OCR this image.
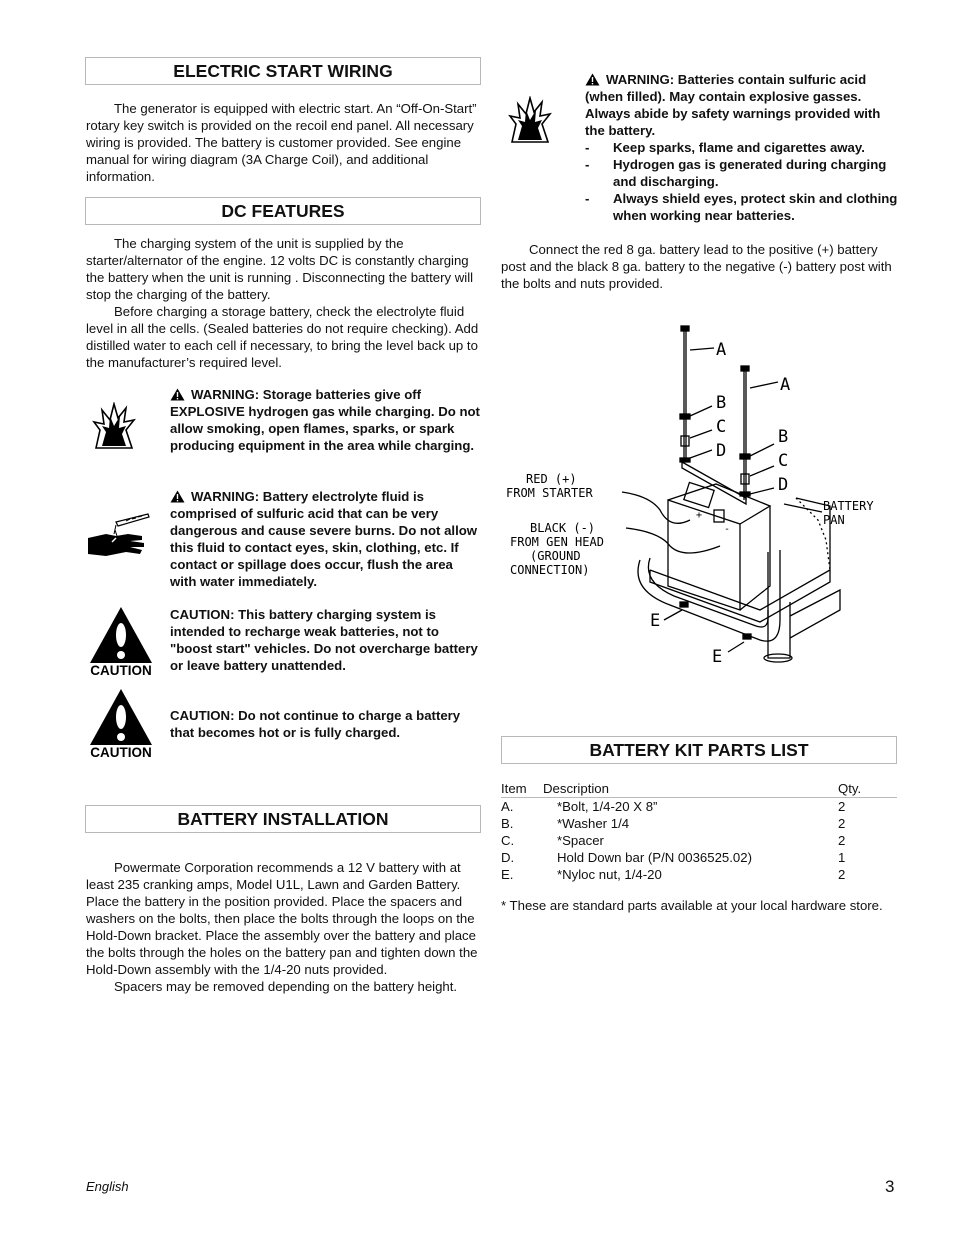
ELECTRIC START WIRING

The generator is equipped with electric start. An “Off-On-Start” rotary key switch is provided on the recoil end panel. All necessary wiring is provided. The battery is customer provided. See engine manual for wiring diagram (3A Charge Coil), and additional information.

DC FEATURES

The charging system of the unit is supplied by the starter/alternator of the engine. 12 volts DC is constantly charging the battery when the unit is running . Disconnecting the battery will stop the charging of the battery.

Before charging a storage battery, check the electrolyte fluid level in all the cells. (Sealed batteries do not require checking). Add distilled water to each cell if necessary, to bring the level back up to the manufacturer’s required level.

WARNING: Storage batteries give off EXPLOSIVE hydrogen gas while charging. Do not allow smoking, open flames, sparks, or spark producing equipment in the area while charging.
WARNING: Battery electrolyte fluid is comprised of sulfuric acid that can be very dangerous and cause severe burns. Do not allow this fluid to contact eyes, skin, clothing, etc. If contact or spillage does occur, flush the area with water immediately.
CAUTION
CAUTION: This battery charging system is intended to recharge weak batteries, not to "boost start" vehicles. Do not overcharge battery or leave battery unattended.
CAUTION
CAUTION: Do not continue to charge a battery that becomes hot or is fully charged.
BATTERY INSTALLATION

Powermate Corporation recommends a 12 V battery with at least 235 cranking amps, Model U1L, Lawn and Garden Battery. Place the battery in the position provided. Place the spacers and washers on the bolts, then place the bolts through the loops on the Hold-Down bracket. Place the assembly over the battery and place the bolts through the holes on the battery pan and tighten down the Hold-Down assembly with the 1/4-20 nuts provided.

Spacers may be removed depending on the battery height.

WARNING: Batteries contain sulfuric acid (when filled). May contain explosive gasses. Always abide by safety warnings provided with the battery.
-	Keep sparks, flame and cigarettes away.
-	Hydrogen gas is generated during charging and discharging.
-	Always shield eyes, protect skin and clothing when working near batteries.

Connect the red 8 ga. battery lead to the positive (+) battery post and the black 8 ga. battery to the negative (-) battery post with the bolts and nuts provided.

+
-
A
B
C
D
A
B
C
D
E
E
RED (+)
FROM STARTER
BLACK (-)
FROM GEN HEAD
(GROUND
CONNECTION)
BATTERY
PAN
BATTERY KIT PARTS LIST
Item	Description	Qty.
A.	*Bolt, 1/4-20 X 8”	2
B.	*Washer 1/4	2
C.	*Spacer	2
D.	Hold Down bar (P/N 0036525.02)	1
E.	*Nyloc nut, 1/4-20	2

* These are standard parts available at your local hardware store.

English	3
